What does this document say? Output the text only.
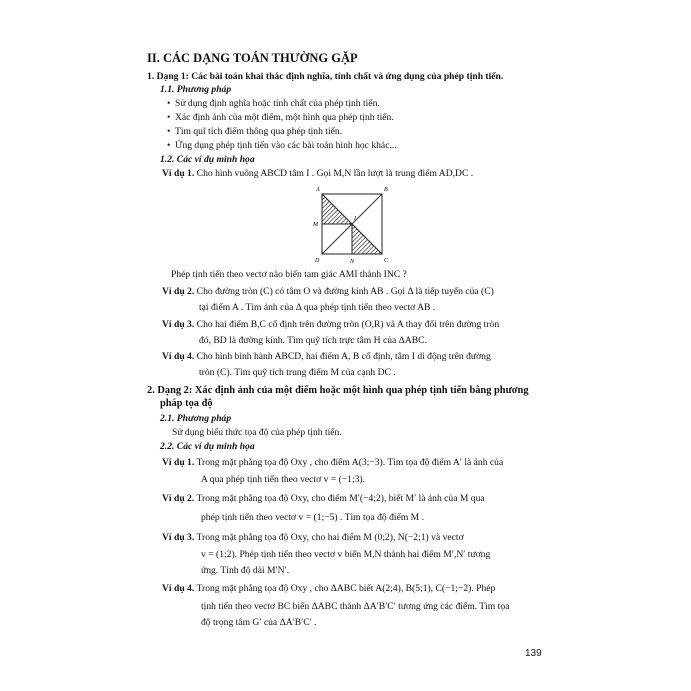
II. CÁC DẠNG TOÁN THƯỜNG GẶP
1. Dạng 1: Các bài toán khai thác định nghĩa, tính chất và ứng dụng của phép tịnh tiến.
1.1. Phương pháp
• Sử dụng định nghĩa hoặc tính chất của phép tịnh tiến.
• Xác định ảnh của một điểm, một hình qua phép tịnh tiến.
• Tìm quĩ tích điểm thông qua phép tịnh tiến.
• Ứng dụng phép tịnh tiến vào các bài toán hình học khác...
1.2. Các ví dụ minh họa
Ví dụ 1. Cho hình vuông ABCD tâm I . Gọi M,N lần lượt là trung điểm AD,DC .
A	B
C
D
I
M
N
Phép tịnh tiến theo vectơ nào biến tam giác AMI thành INC ?
Ví dụ 2. Cho đường tròn (C) có tâm O và đường kính AB . Gọi Δ là tiếp tuyến của (C)
tại điểm A . Tìm ảnh của Δ qua phép tịnh tiến theo vectơ AB .
Ví dụ 3. Cho hai điểm B,C cố định trên đường tròn (O,R) và A thay đổi trên đường tròn
đó, BD là đường kính. Tìm quỹ tích trực tâm H của ΔABC.
Ví dụ 4. Cho hình bình hành ABCD, hai điểm A, B cố định, tâm I di động trên đường
tròn (C). Tìm quỹ tích trung điểm M của cạnh DC .
2. Dạng 2: Xác định ảnh của một điểm hoặc một hình qua phép tịnh tiến bằng phương
pháp tọa độ
2.1. Phương pháp
Sử dụng biểu thức tọa độ của phép tịnh tiến.
2.2. Các ví dụ minh họa
Ví dụ 1. Trong mặt phẳng tọa độ Oxy , cho điểm A(3;−3). Tìm tọa độ điểm A′ là ảnh của
A qua phép tịnh tiến theo vectơ v = (−1;3).
Ví dụ 2. Trong mặt phẳng tọa độ Oxy, cho điểm M′(−4;2), biết M′ là ảnh của M qua
phép tịnh tiến theo vectơ v = (1;−5) . Tìm tọa độ điểm M .
Ví dụ 3. Trong mặt phẳng tọa độ Oxy, cho hai điểm M (0;2), N(−2;1) và vectơ
v = (1;2). Phép tịnh tiến theo vectơ v biến M,N thành hai điểm M′,N′ tương
ứng. Tính độ dài M′N′.
Ví dụ 4. Trong mặt phẳng tọa độ Oxy , cho ΔABC biết A(2;4), B(5;1), C(−1;−2). Phép
tịnh tiến theo vectơ BC biến ΔABC thành ΔA′B′C′ tương ứng các điểm. Tìm tọa
độ trọng tâm G′ của ΔA′B′C′ .
139
